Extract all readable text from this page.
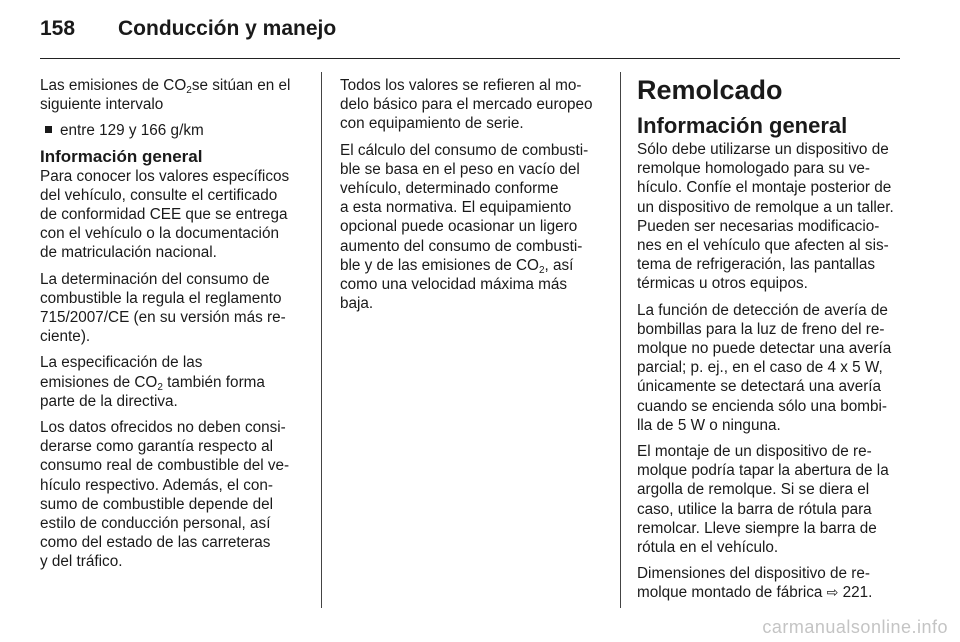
158 Conducción y manejo

Las emisiones de $CO_2se$ sitúan en el
siguiente intervalo

entre 129 y 166 g/km
Información general

Para conocer los valores específicos
del vehículo, consulte el certificado
de conformidad CEE que se entrega
con el vehículo o la documentación
de matriculación nacional.

La determinación del consumo de
combustible la regula el reglamento
715/2007/CE (en su versión más re-
ciente).

La especificación de las
emisiones de $CO_2$ también forma
parte de la directiva.

Los datos ofrecidos no deben consi-
derarse como garantía respecto al
consumo real de combustible del ve-
hículo respectivo. Además, el con-
sumo de combustible depende del
estilo de conducción personal, así
como del estado de las carreteras
y del tráfico.

Todos los valores se refieren al mo-
delo básico para el mercado europeo
con equipamiento de serie.

El cálculo del consumo de combusti-
ble se basa en el peso en vacío del
vehículo, determinado conforme
a esta normativa. El equipamiento
opcional puede ocasionar un ligero
aumento del consumo de combusti-
ble y de las emisiones de $CO_2$, así
como una velocidad máxima más
baja.

Remolcado
Información general

Sólo debe utilizarse un dispositivo de
remolque homologado para su ve-
hículo. Confíe el montaje posterior de
un dispositivo de remolque a un taller.
Pueden ser necesarias modificacio-
nes en el vehículo que afecten al sis-
tema de refrigeración, las pantallas
térmicas u otros equipos.

La función de detección de avería de
bombillas para la luz de freno del re-
molque no puede detectar una avería
parcial; p. ej., en el caso de 4 x 5 W,
únicamente se detectará una avería
cuando se encienda sólo una bombi-
lla de 5 W o ninguna.

El montaje de un dispositivo de re-
molque podría tapar la abertura de la
argolla de remolque. Si se diera el
caso, utilice la barra de rótula para
remolcar. Lleve siempre la barra de
rótula en el vehículo.

Dimensiones del dispositivo de re-
molque montado de fábrica ⇨ 221.

carmanualsonline.info
